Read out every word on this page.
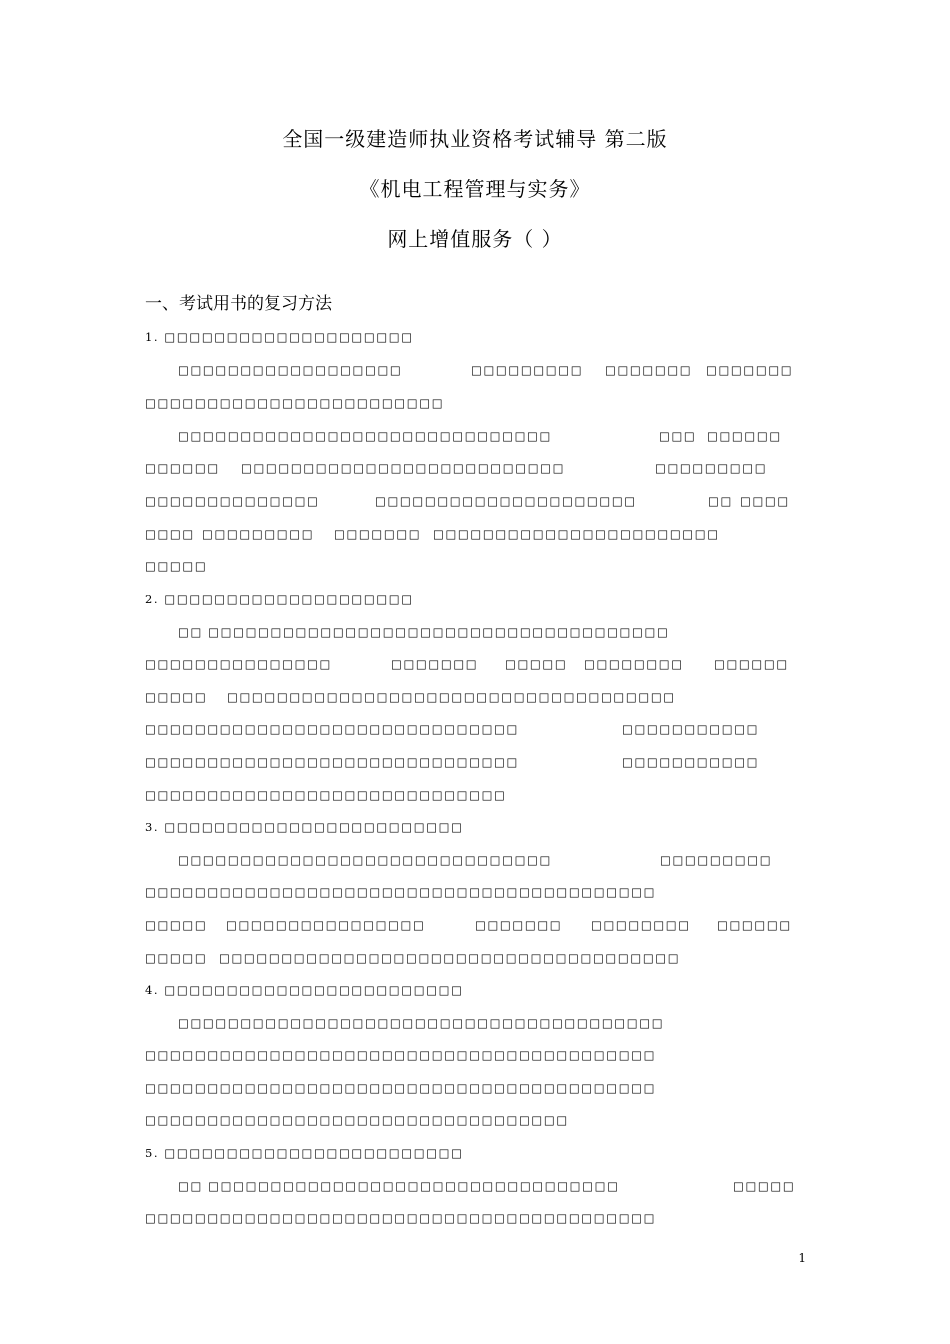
全国一级建造师执业资格考试辅导 第二版
《机电工程管理与实务》
网上增值服务（ ）
一、考试用书的复习方法
1. □□□□□□□□□□□□□□□□□□□□
□□□□□□□□□□□□□□□□□□	□□□□□□□□□ □□□□□□□ □□□□□□□
□□□□□□□□□□□□□□□□□□□□□□□□
□□□□□□□□□□□□□□□□□□□□□□□□□□□□□□	□□□ □□□□□□
□□□□□□ □□□□□□□□□□□□□□□□□□□□□□□□□□	□□□□□□□□□
□□□□□□□□□□□□□□	□□□□□□□□□□□□□□□□□□□□□	□□ □□□□
□□□□ □□□□□□□□□ □□□□□□□ □□□□□□□□□□□□□□□□□□□□□□□
□□□□□
2. □□□□□□□□□□□□□□□□□□□□
□□ □□□□□□□□□□□□□□□□□□□□□□□□□□□□□□□□□□□□□
□□□□□□□□□□□□□□□	□□□□□□□ □□□□□ □□□□□□□□	□□□□□□
□□□□□ □□□□□□□□□□□□□□□□□□□□□□□□□□□□□□□□□□□□
□□□□□□□□□□□□□□□□□□□□□□□□□□□□□□	□□□□□□□□□□□
□□□□□□□□□□□□□□□□□□□□□□□□□□□□□□	□□□□□□□□□□□
□□□□□□□□□□□□□□□□□□□□□□□□□□□□□
3. □□□□□□□□□□□□□□□□□□□□□□□□
□□□□□□□□□□□□□□□□□□□□□□□□□□□□□□	□□□□□□□□□
□□□□□□□□□□□□□□□□□□□□□□□□□□□□□□□□□□□□□□□□□
□□□□□ □□□□□□□□□□□□□□□□	□□□□□□□ □□□□□□□□ □□□□□□
□□□□□ □□□□□□□□□□□□□□□□□□□□□□□□□□□□□□□□□□□□□
4. □□□□□□□□□□□□□□□□□□□□□□□□
□□□□□□□□□□□□□□□□□□□□□□□□□□□□□□□□□□□□□□□
□□□□□□□□□□□□□□□□□□□□□□□□□□□□□□□□□□□□□□□□□
□□□□□□□□□□□□□□□□□□□□□□□□□□□□□□□□□□□□□□□□□
□□□□□□□□□□□□□□□□□□□□□□□□□□□□□□□□□□
5. □□□□□□□□□□□□□□□□□□□□□□□□
□□ □□□□□□□□□□□□□□□□□□□□□□□□□□□□□□□□□	□□□□□
□□□□□□□□□□□□□□□□□□□□□□□□□□□□□□□□□□□□□□□□□
1
